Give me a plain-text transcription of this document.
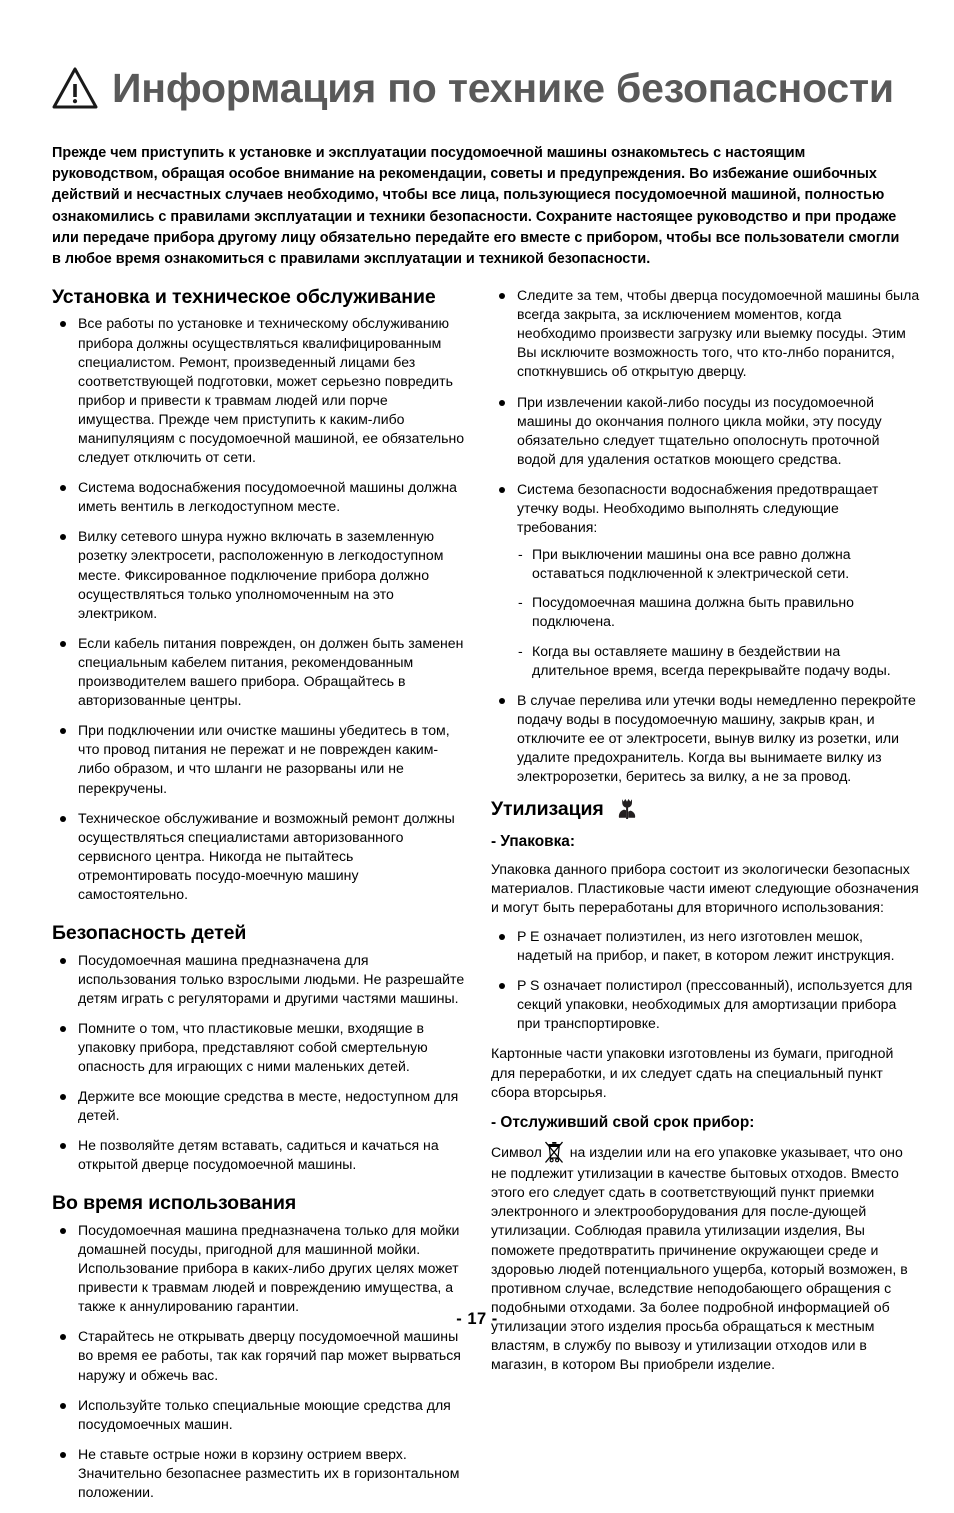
Информация по технике безопасности

Прежде чем приступить к установке и эксплуатации посудомоечной машины ознакомьтесь с настоящим руководством, обращая особое внимание на рекомендации, советы и предупреждения. Во избежание ошибочных действий и несчастных случаев необходимо, чтобы все лица, пользующиеся посудомоечной машиной, полностью ознакомились с правилами эксплуатации и техники безопасности. Сохраните настоящее руководство и при продаже или передаче прибора другому лицу обязательно передайте его вместе с прибором, чтобы все пользователи смогли в любое время ознакомиться с правилами эксплуатации и техникой безопасности.

Установка и техническое обслуживание
Все работы по установке и техническому обслуживанию прибора должны осуществляться квалифицированным специалистом. Ремонт, произведенный лицами без соответствующей подготовки, может серьезно повредить прибор и привести к травмам людей или порче имущества. Прежде чем приступить к каким-либо манипуляциям с посудомоечной машиной, ее обязательно следует отключить от сети.
Система водоснабжения посудомоечной машины должна иметь вентиль в легкодоступном месте.
Вилку сетевого шнура нужно включать в заземленную розетку электросети, расположенную в легкодоступном месте. Фиксированное подключение прибора должно осуществляться только уполномоченным на это электриком.
Если кабель питания поврежден, он должен быть заменен специальным кабелем питания, рекомендованным производителем вашего прибора. Обращайтесь в авторизованные центры.
При подключении или очистке машины убедитесь в том, что провод питания не пережат и не поврежден каким-либо образом, и что шланги не разорваны или не перекручены.
Техническое обслуживание и возможный ремонт должны осуществляться специалистами авторизованного сервисного центра. Никогда не пытайтесь отремонтировать посудо-моечную машину самостоятельно.
Безопасность детей
Посудомоечная машина предназначена для использования только взрослыми людьми. Не разрешайте детям играть с регуляторами и другими частями машины.
Помните о том, что пластиковые мешки, входящие в упаковку прибора, представляют собой смертельную опасность для играющих с ними маленьких детей.
Держите все моющие средства в месте, недоступном для детей.
Не позволяйте детям вставать, садиться и качаться на открытой дверце посудомоечной машины.
Во время использования
Посудомоечная машина предназначена только для мойки домашней посуды, пригодной для машинной мойки. Использование прибора в каких-либо других целях может привести к травмам людей и повреждению имущества, а также к аннулированию гарантии.
Старайтесь не открывать дверцу посудомоечной машины во время ее работы, так как горячий пар может вырваться наружу и обжечь вас.
Используйте только специальные моющие средства для посудомоечных машин.
Не ставьте острые ножи в корзину острием вверх. Значительно безопаснее разместить их в горизонтальном положении.
Следите за тем, чтобы дверца посудомоечной машины была всегда закрыта, за исключением моментов, когда необходимо произвести загрузку или выемку посуды. Этим Вы исключите возможность того, что кто-лнбо поранится, споткнувшись об открытую дверцу.
При извлечении какой-либо посуды из посудомоечной машины до окончания полного цикла мойки, эту посуду обязательно следует тщательно ополоснуть проточной водой для удаления остатков моющего средства.
Система безопасности водоснабжения предотвращает утечку воды. Необходимо выполнять следующие требования:
- При выключении машины она все равно должна оставаться подключенной к электрической сети.
- Посудомоечная машина должна быть правильно подключена.
- Когда вы оставляете машину в бездействии на длительное время, всегда перекрывайте подачу воды.
В случае перелива или утечки воды немедленно перекройте подачу воды в посудомоечную машину, закрыв кран, и отключите ее от электросети, вынув вилку из розетки, или удалите предохранитель. Когда вы вынимаете вилку из электророзетки, беритесь за вилку, а не за провод.
Утилизация
- Упаковка:

Упаковка данного прибора состоит из экологически безопасных материалов. Пластиковые части имеют следующие обозначения и могут быть переработаны для вторичного использования:

P E означает полиэтилен, из него изготовлен мешок, надетый на прибор, и пакет, в котором лежит инструкция.
P S означает полистирол (прессованный), используется для секций упаковки, необходимых для амортизации прибора при транспортировке.

Картонные части упаковки изготовлены из бумаги, пригодной для переработки, и их следует сдать на специальный пункт сбора вторсырья.

- Отслуживший свой срок прибор:

Символ на изделии или на его упаковке указывает, что оно не подлежит утилизации в качестве бытовых отходов. Вместо этого его следует сдать в соответствующий пункт приемки электронного и электрооборудования для после-дующей утилизации. Соблюдая правила утилизации изделия, Вы поможете предотвратить причинение окружающеи среде и здоровью людей потенциального ущерба, который возможен, в противном случае, вследствие неподобающего обращения с подобными отходами. За более подробной информацией об утилизации этого изделия просьба обращаться к местным властям, в службу по вывозу и утилизации отходов или в магазин, в котором Вы приобрели изделие.

- 17 -
